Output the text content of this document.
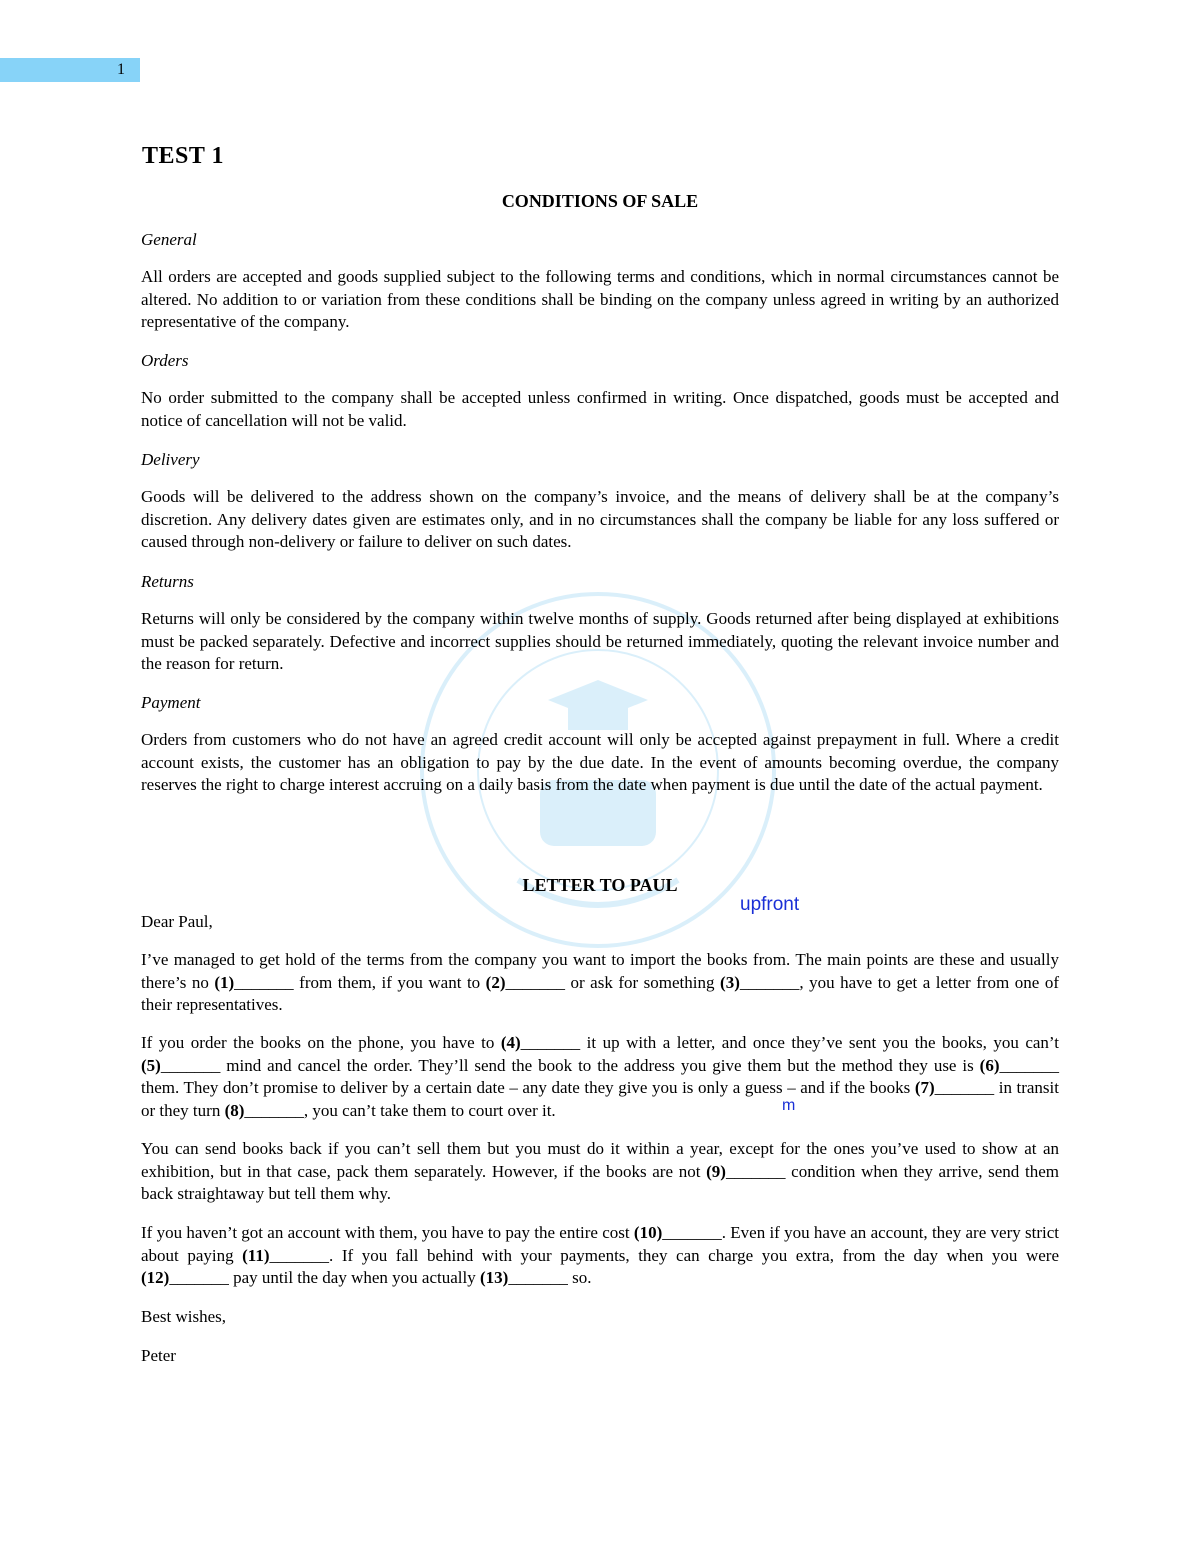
1
TEST 1
CONDITIONS OF SALE
General

All orders are accepted and goods supplied subject to the following terms and conditions, which in normal circumstances cannot be altered. No addition to or variation from these conditions shall be binding on the company unless agreed in writing by an authorized representative of the company.

Orders

No order submitted to the company shall be accepted unless confirmed in writing. Once dispatched, goods must be accepted and notice of cancellation will not be valid.

Delivery

Goods will be delivered to the address shown on the company’s invoice, and the means of delivery shall be at the company’s discretion. Any delivery dates given are estimates only, and in no circumstances shall the company be liable for any loss suffered or caused through non-delivery or failure to deliver on such dates.

Returns

Returns will only be considered by the company within twelve months of supply. Goods returned after being displayed at exhibitions must be packed separately. Defective and incorrect supplies should be returned immediately, quoting the relevant invoice number and the reason for return.

Payment

Orders from customers who do not have an agreed credit account will only be accepted against prepayment in full. Where a credit account exists, the customer has an obligation to pay by the due date. In the event of amounts becoming overdue, the company reserves the right to charge interest accruing on a daily basis from the date when payment is due until the date of the actual payment.

LETTER TO PAUL
upfront
Dear Paul,

I’ve managed to get hold of the terms from the company you want to import the books from. The main points are these and usually there’s no (1)_______ from them, if you want to (2)_______ or ask for something (3)_______, you have to get a letter from one of their representatives.

If you order the books on the phone, you have to (4)_______ it up with a letter, and once they’ve sent you the books, you can’t (5)_______ mind and cancel the order. They’ll send the book to the address you give them but the method they use is (6)_______ them. They don’t promise to deliver by a certain date – any date they give you is only a guess – and if the books (7)_______ in transit or they turn (8)_______, you can’t take them to court over it.	m

You can send books back if you can’t sell them but you must do it within a year, except for the ones you’ve used to show at an exhibition, but in that case, pack them separately. However, if the books are not (9)_______ condition when they arrive, send them back straightaway but tell them why.

If you haven’t got an account with them, you have to pay the entire cost (10)_______. Even if you have an account, they are very strict about paying (11)_______. If you fall behind with your payments, they can charge you extra, from the day when you were (12)_______ pay until the day when you actually (13)_______ so.

Best wishes,
Peter
